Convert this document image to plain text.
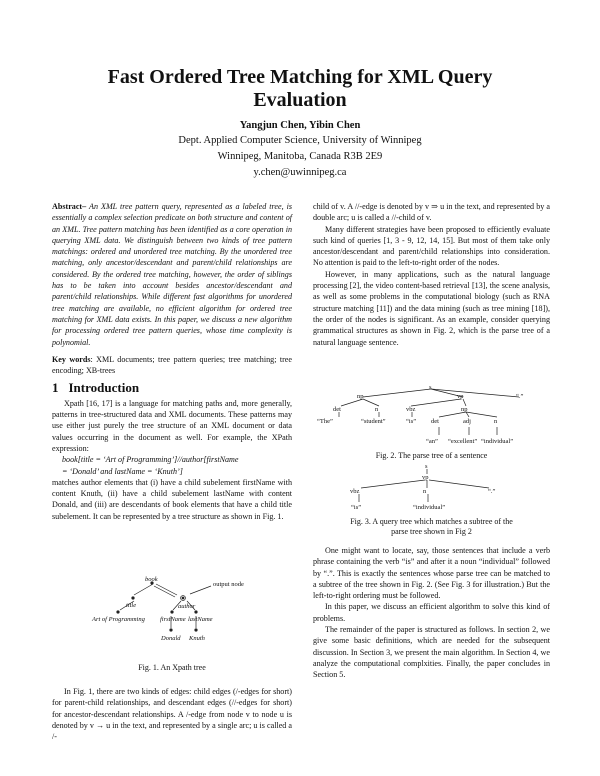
Fast Ordered Tree Matching for XML Query
Evaluation
Yangjun Chen, Yibin Chen
Dept. Applied Computer Science, University of Winnipeg
Winnipeg, Manitoba, Canada R3B 2E9
y.chen@uwinnipeg.ca

Abstract– An XML tree pattern query, represented as a labeled tree, is essentially a complex selection predicate on both structure and content of an XML. Tree pattern matching has been identified as a core operation in querying XML data. We distinguish between two kinds of tree pattern matchings: ordered and unordered tree matching. By the unordered tree matching, only ancestor/descendant and parent/child relationships are considered. By the ordered tree matching, however, the order of siblings has to be taken into account besides ancestor/descendant and parent/child relationships. While different fast algorithms for unordered tree matching are available, no efficient algorithm for ordered tree matching for XML data exists. In this paper, we discuss a new algorithm for processing ordered tree pattern queries, whose time complexity is polynomial.

Key words: XML documents; tree pattern queries; tree matching; tree encoding; XB-trees

1 Introduction

Xpath [16, 17] is a language for matching paths and, more generally, patterns in tree-structured data and XML documents. These patterns may use either just purely the tree structure of an XML document or data values occurring in the document as well. For example, the XPath expression:

book[title = ‘Art of Programming’]//author[firstName
= ‘Donald’ and lastName = ‘Knuth’]

matches author elements that (i) have a child subelement firstName with content Knuth, (ii) have a child subelement lastName with content Donald, and (iii) are descendants of book elements that have a child title subelement. It can be represented by a tree structure as shown in Fig. 1.

book
title	author
output node
Art of Programming firstName lastName
Donald Knuth
Fig. 1. An Xpath tree

In Fig. 1, there are two kinds of edges: child edges (/-edges for short) for parent-child relationships, and descendant edges (//-edges for short) for ancestor-descendant relationships. A /-edge from node v to node u is denoted by v → u in the text, and represented by a single arc; u is called a /-

child of v. A //-edge is denoted by v ⇒ u in the text, and represented by a double arc; u is called a //-child of v.

Many different strategies have been proposed to efficiently evaluate such kind of queries [1, 3 - 9, 12, 14, 15]. But most of them take only ancestor/descendant and parent/child relationships into consideration. No attention is paid to the left-to-right order of the nodes.

However, in many applications, such as the natural language processing [2], the video content-based retrieval [13], the scene analysis, as well as some problems in the computational biology (such as RNA structure matching [11]) and the data mining (such as tree mining [18]), the order of the nodes is significant. As an example, consider querying grammatical structures as shown in Fig. 2, which is the parse tree of a natural language sentence.

s
np	vp	“.”
det	n	vbz	np
“The”	“student”	“is” det	adj	n
“an” “excellent” “individual”
Fig. 2. The parse tree of a sentence
s
vp
vbz	n	“.”
“is”	“individual”
Fig. 3. A query tree which matches a subtree of the
parse tree shown in Fig 2

One might want to locate, say, those sentences that include a verb phrase containing the verb “is” and after it a noun “individual” followed by “.”. This is exactly the sentences whose parse tree can be matched to a subtree of the tree shown in Fig. 2. (See Fig. 3 for illustration.) But the left-to-right ordering must be followed.

In this paper, we discuss an efficient algorithm to solve this kind of problems.

The remainder of the paper is structured as follows. In section 2, we give some basic definitions, which are needed for the subsequent discussion. In Section 3, we present the main algorithm. In Section 4, we analyze the computational complxities. Finally, the paper concludes in Section 5.
